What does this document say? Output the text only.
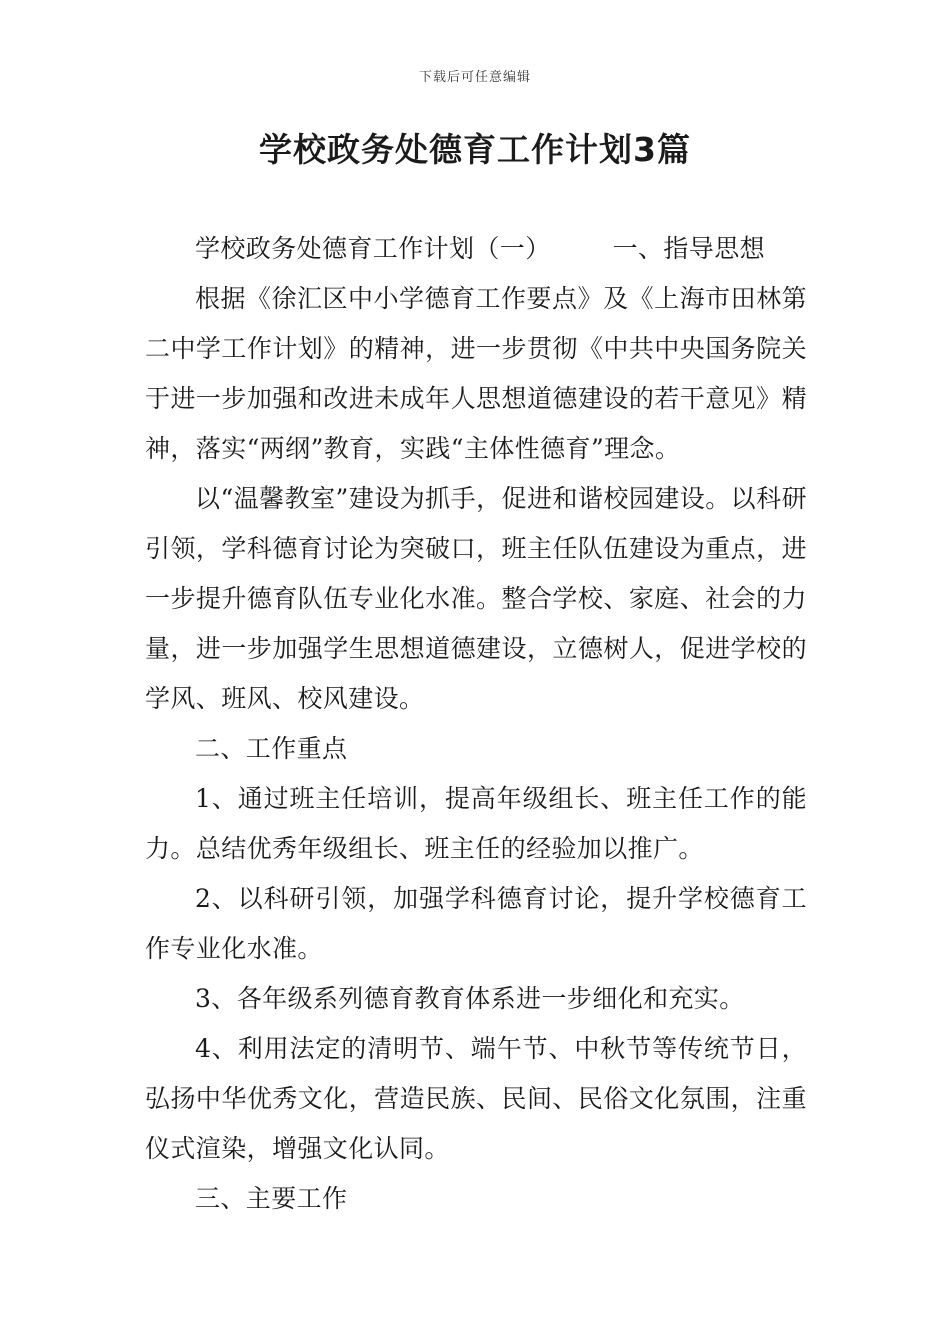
下载后可任意编辑
学校政务处德育工作计划3篇

学校政务处德育工作计划（一） 一、指导思想

根据《徐汇区中小学德育工作要点》及《上海市田林第二中学工作计划》的精神，进一步贯彻《中共中央国务院关于进一步加强和改进未成年人思想道德建设的若干意见》精神，落实“两纲”教育，实践“主体性德育”理念。

以“温馨教室”建设为抓手，促进和谐校园建设。以科研引领，学科德育讨论为突破口，班主任队伍建设为重点，进一步提升德育队伍专业化水准。整合学校、家庭、社会的力量，进一步加强学生思想道德建设，立德树人，促进学校的学风、班风、校风建设。

二、工作重点

1、通过班主任培训，提高年级组长、班主任工作的能力。总结优秀年级组长、班主任的经验加以推广。

2、以科研引领，加强学科德育讨论，提升学校德育工作专业化水准。

3、各年级系列德育教育体系进一步细化和充实。

4、利用法定的清明节、端午节、中秋节等传统节日，弘扬中华优秀文化，营造民族、民间、民俗文化氛围，注重仪式渲染，增强文化认同。

三、主要工作
